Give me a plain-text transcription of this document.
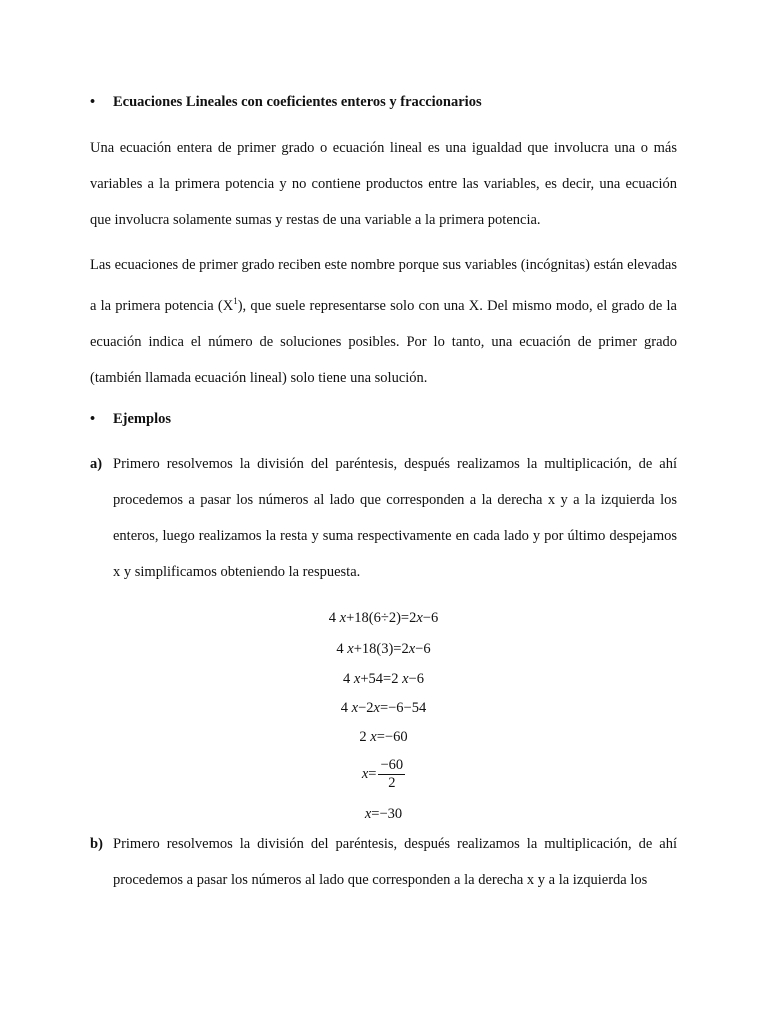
• Ecuaciones Lineales con coeficientes enteros y fraccionarios

Una ecuación entera de primer grado o ecuación lineal es una igualdad que involucra una o más variables a la primera potencia y no contiene productos entre las variables, es decir, una ecuación que involucra solamente sumas y restas de una variable a la primera potencia.

Las ecuaciones de primer grado reciben este nombre porque sus variables (incógnitas) están elevadas a la primera potencia $(X^1)$, que suele representarse solo con una X. Del mismo modo, el grado de la ecuación indica el número de soluciones posibles. Por lo tanto, una ecuación de primer grado (también llamada ecuación lineal) solo tiene una solución.

• Ejemplos
a) Primero resolvemos la división del paréntesis, después realizamos la multiplicación, de ahí procedemos a pasar los números al lado que corresponden a la derecha x y a la izquierda los enteros, luego realizamos la resta y suma respectivamente en cada lado y por último despejamos x y simplificamos obteniendo la respuesta.
4 x+18(6÷2)=2x−6
4 x+18(3)=2x−6
4 x+54=2 x−6
4 x−2x=−6−54
2 x=−60
$x= \frac{-60}{2}$
x=−30
b) Primero resolvemos la división del paréntesis, después realizamos la multiplicación, de ahí procedemos a pasar los números al lado que corresponden a la derecha x y a la izquierda los
